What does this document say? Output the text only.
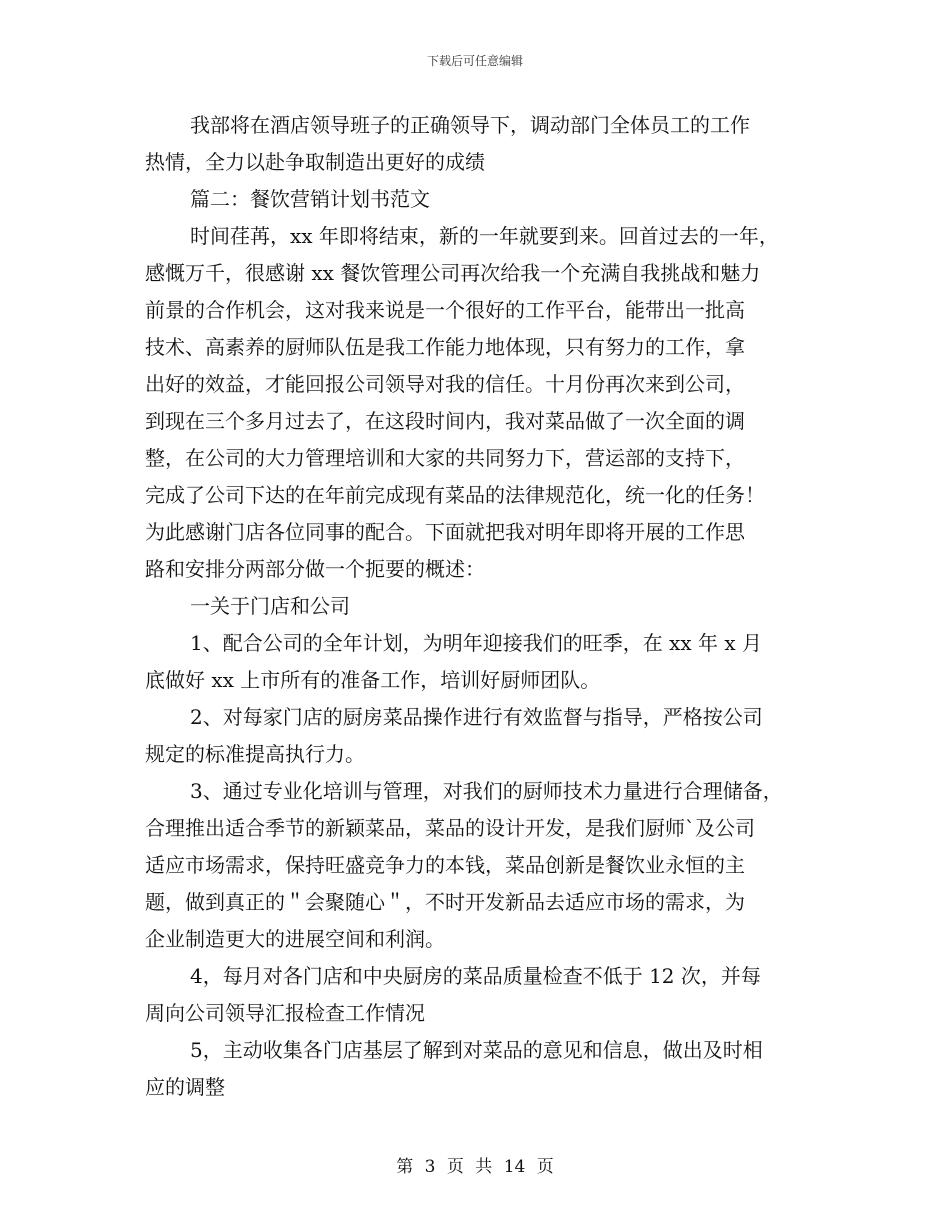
下载后可任意编辑
我部将在酒店领导班子的正确领导下，调动部门全体员工的工作
热情，全力以赴争取制造出更好的成绩
篇二：餐饮营销计划书范文
时间荏苒，xx 年即将结束，新的一年就要到来。回首过去的一年，
感慨万千，很感谢 xx 餐饮管理公司再次给我一个充满自我挑战和魅力
前景的合作机会，这对我来说是一个很好的工作平台，能带出一批高
技术、高素养的厨师队伍是我工作能力地体现，只有努力的工作，拿
出好的效益，才能回报公司领导对我的信任。十月份再次来到公司，
到现在三个多月过去了，在这段时间内，我对菜品做了一次全面的调
整，在公司的大力管理培训和大家的共同努力下，营运部的支持下，
完成了公司下达的在年前完成现有菜品的法律规范化，统一化的任务！
为此感谢门店各位同事的配合。下面就把我对明年即将开展的工作思
路和安排分两部分做一个扼要的概述：
一关于门店和公司
1、配合公司的全年计划，为明年迎接我们的旺季，在 xx 年 x 月
底做好 xx 上市所有的准备工作，培训好厨师团队。
2、对每家门店的厨房菜品操作进行有效监督与指导，严格按公司
规定的标准提高执行力。
3、通过专业化培训与管理，对我们的厨师技术力量进行合理储备，
合理推出适合季节的新颖菜品，菜品的设计开发，是我们厨师`及公司
适应市场需求，保持旺盛竞争力的本钱，菜品创新是餐饮业永恒的主
题，做到真正的＂会聚随心＂，不时开发新品去适应市场的需求，为
企业制造更大的进展空间和利润。
4，每月对各门店和中央厨房的菜品质量检查不低于 12 次，并每
周向公司领导汇报检查工作情况
5，主动收集各门店基层了解到对菜品的意见和信息，做出及时相
应的调整
第 3 页 共 14 页
